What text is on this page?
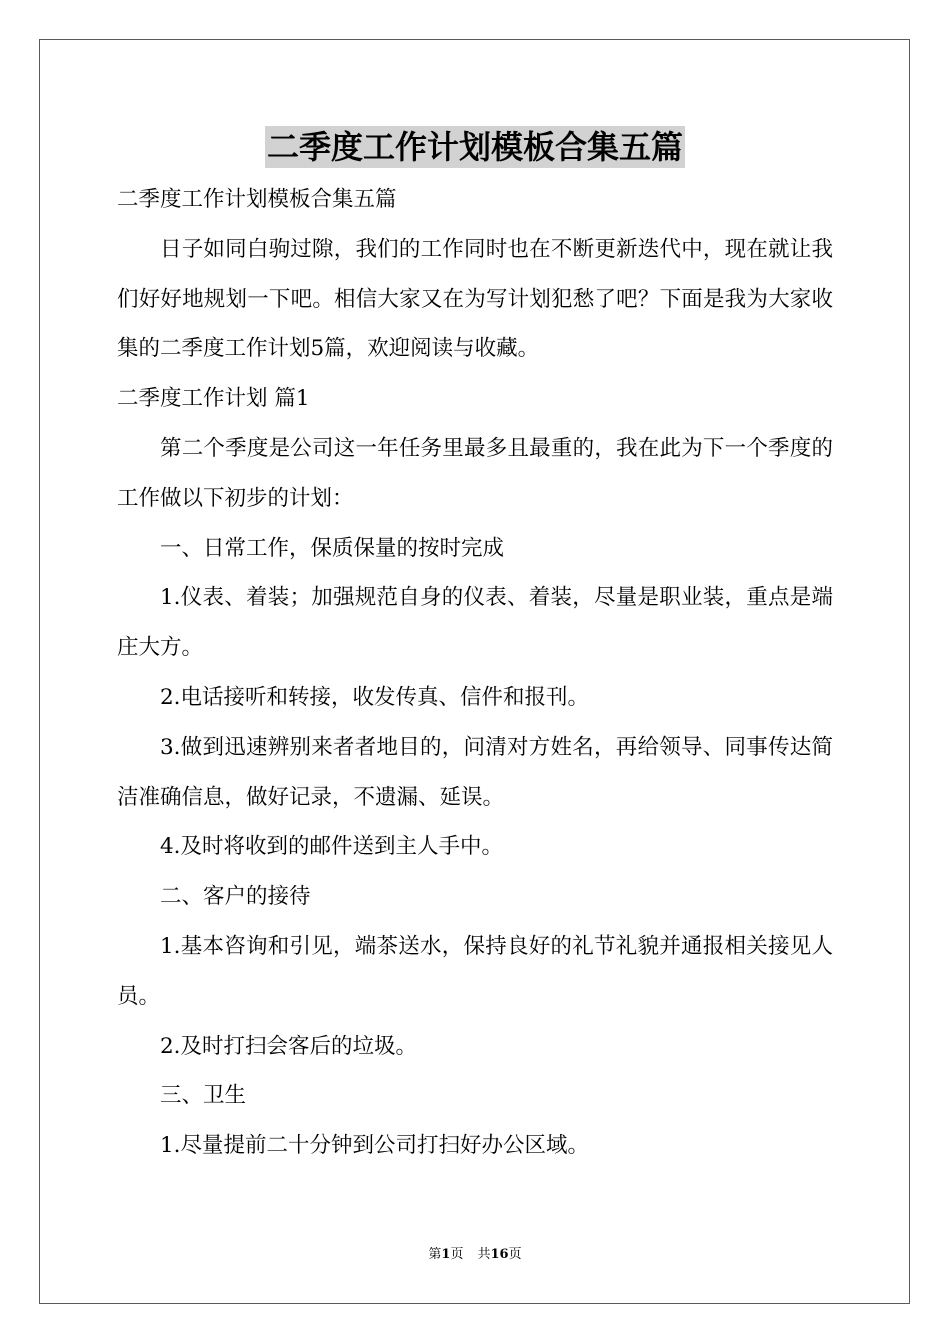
二季度工作计划模板合集五篇

二季度工作计划模板合集五篇

日子如同白驹过隙，我们的工作同时也在不断更新迭代中，现在就让我们好好地规划一下吧。相信大家又在为写计划犯愁了吧？下面是我为大家收集的二季度工作计划5篇，欢迎阅读与收藏。

二季度工作计划 篇1

第二个季度是公司这一年任务里最多且最重的，我在此为下一个季度的工作做以下初步的计划：

一、日常工作，保质保量的按时完成

1.仪表、着装；加强规范自身的仪表、着装，尽量是职业装，重点是端庄大方。

2.电话接听和转接，收发传真、信件和报刊。

3.做到迅速辨别来者者地目的，问清对方姓名，再给领导、同事传达简洁准确信息，做好记录，不遗漏、延误。

4.及时将收到的邮件送到主人手中。

二、客户的接待

1.基本咨询和引见，端茶送水，保持良好的礼节礼貌并通报相关接见人员。

2.及时打扫会客后的垃圾。

三、卫生

1.尽量提前二十分钟到公司打扫好办公区域。

第1页 共16页
